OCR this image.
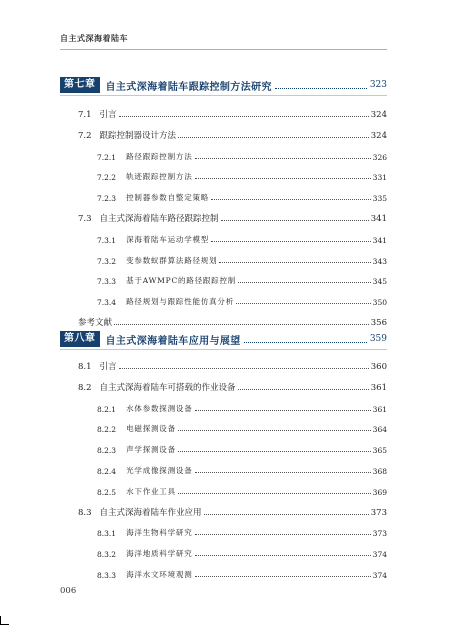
自主式深海着陆车
第七章	自主式深海着陆车跟踪控制方法研究	323
7.1 引言	324
7.2 跟踪控制器设计方法	324
7.2.1 路径跟踪控制方法	326
7.2.2 轨迹跟踪控制方法	331
7.2.3 控制器参数自整定策略	335
7.3 自主式深海着陆车路径跟踪控制	341
7.3.1 深海着陆车运动学模型	341
7.3.2 变参数蚁群算法路径规划	343
7.3.3 基于AWMPC的路径跟踪控制	345
7.3.4 路径规划与跟踪性能仿真分析	350
参考文献	356
第八章	自主式深海着陆车应用与展望	359
8.1 引言	360
8.2 自主式深海着陆车可搭载的作业设备	361
8.2.1 水体参数探测设备	361
8.2.2 电磁探测设备	364
8.2.3 声学探测设备	365
8.2.4 光学成像探测设备	368
8.2.5 水下作业工具	369
8.3 自主式深海着陆车作业应用	373
8.3.1 海洋生物科学研究	373
8.3.2 海洋地质科学研究	374
8.3.3 海洋水文环境观测	374
006
